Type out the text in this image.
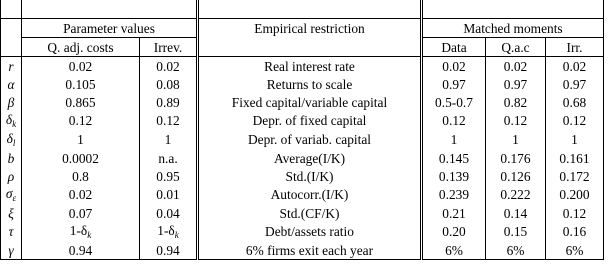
	Parameter values		Empirical restriction	Matched moments		
	Q. adj. costs	Irrev.		Data	Q.a.c	Irr.
r	0.02	0.02	Real interest rate	0.02	0.02	0.02
α	0.105	0.08	Returns to scale	0.97	0.97	0.97
β	0.865	0.89	Fixed capital/variable capital	0.5-0.7	0.82	0.68
$\delta_k$	0.12	0.12	Depr. of fixed capital	0.12	0.12	0.12
$\delta_l$	1	1	Depr. of variab. capital	1	1	1
b	0.0002	n.a.	Average(I/K)	0.145	0.176	0.161
ρ	0.8	0.95	Std.(I/K)	0.139	0.126	0.172
$\sigma_\varepsilon$	0.02	0.01	Autocorr.(I/K)	0.239	0.222	0.200
ξ	0.07	0.04	Std.(CF/K)	0.21	0.14	0.12
τ	$1-\delta_k$	$1-\delta_k$	Debt/assets ratio	0.20	0.15	0.16
γ	0.94	0.94	6% firms exit each year	6%	6%	6%
